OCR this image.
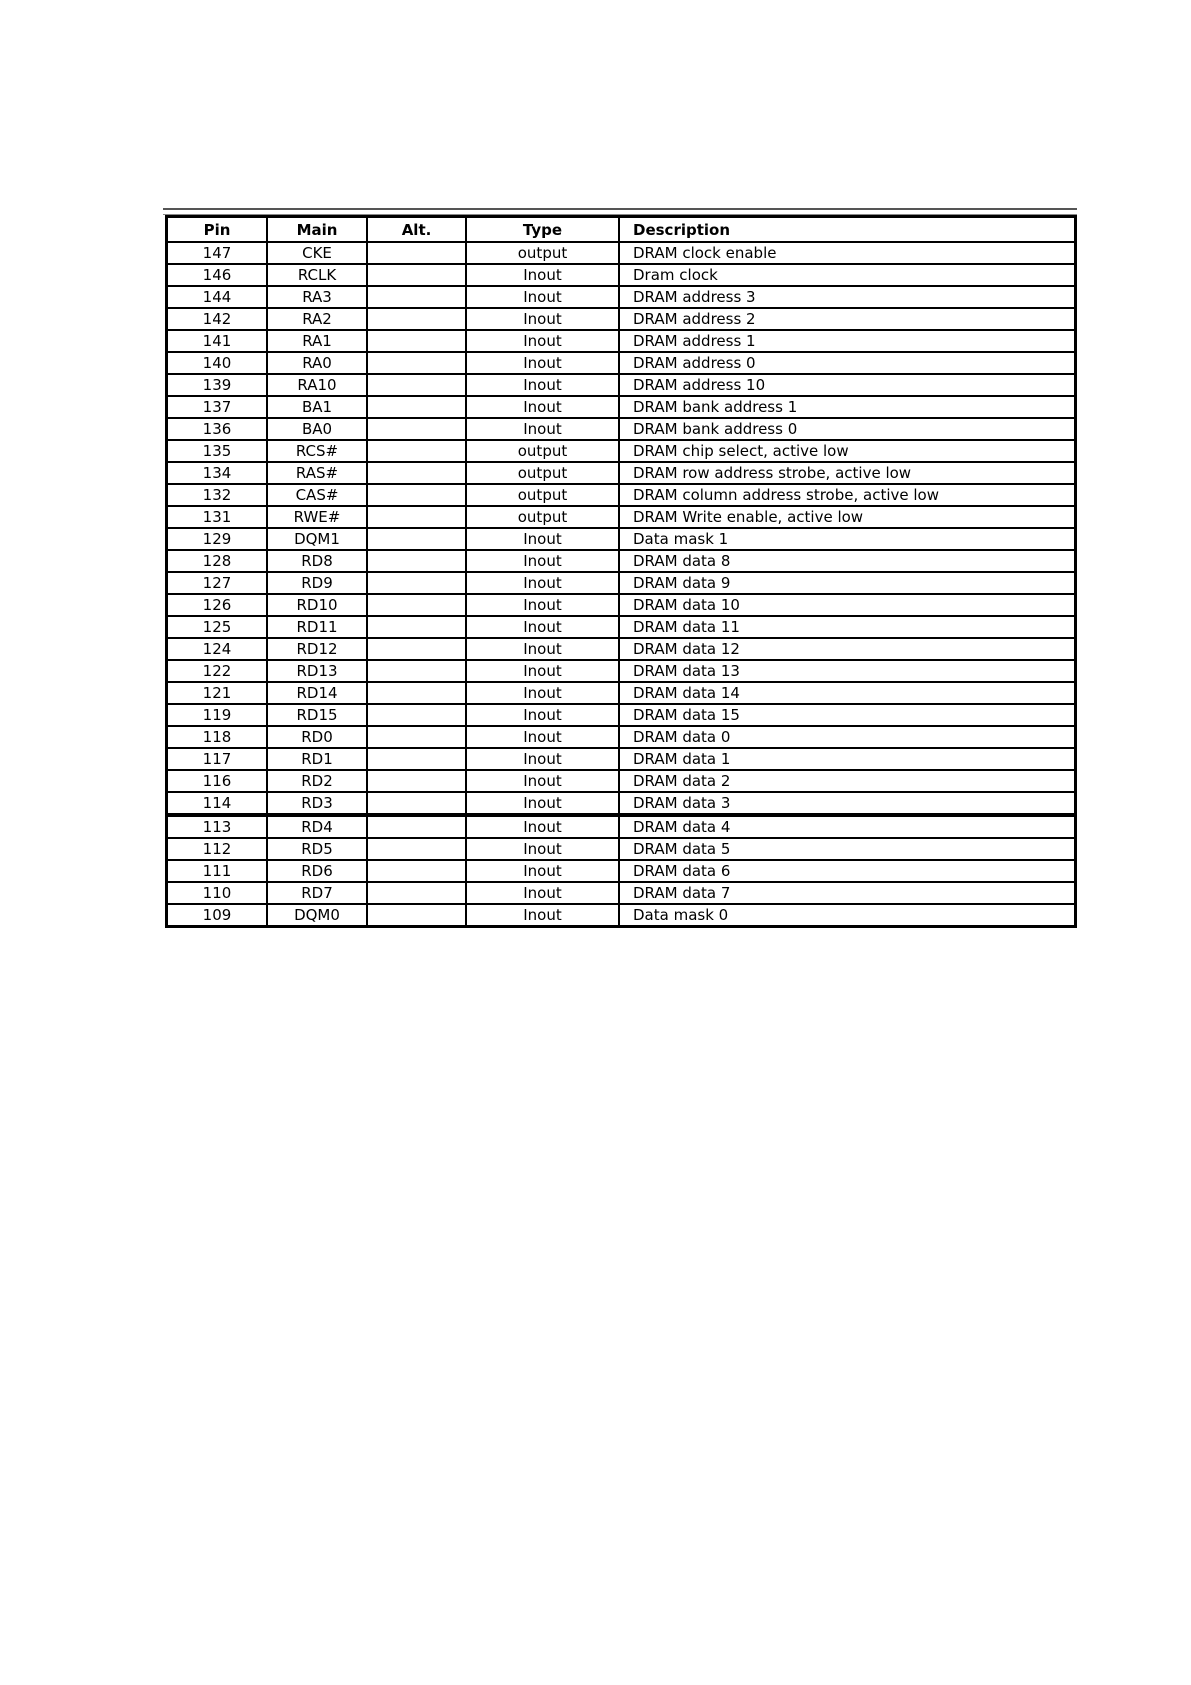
Pin	Main	Alt.	Type	Description
147	CKE		output	DRAM clock enable
146	RCLK		Inout	Dram clock
144	RA3		Inout	DRAM address 3
142	RA2		Inout	DRAM address 2
141	RA1		Inout	DRAM address 1
140	RA0		Inout	DRAM address 0
139	RA10		Inout	DRAM address 10
137	BA1		Inout	DRAM bank address 1
136	BA0		Inout	DRAM bank address 0
135	RCS#		output	DRAM chip select, active low
134	RAS#		output	DRAM row address strobe, active low
132	CAS#		output	DRAM column address strobe, active low
131	RWE#		output	DRAM Write enable, active low
129	DQM1		Inout	Data mask 1
128	RD8		Inout	DRAM data 8
127	RD9		Inout	DRAM data 9
126	RD10		Inout	DRAM data 10
125	RD11		Inout	DRAM data 11
124	RD12		Inout	DRAM data 12
122	RD13		Inout	DRAM data 13
121	RD14		Inout	DRAM data 14
119	RD15		Inout	DRAM data 15
118	RD0		Inout	DRAM data 0
117	RD1		Inout	DRAM data 1
116	RD2		Inout	DRAM data 2
114	RD3		Inout	DRAM data 3
113	RD4		Inout	DRAM data 4
112	RD5		Inout	DRAM data 5
111	RD6		Inout	DRAM data 6
110	RD7		Inout	DRAM data 7
109	DQM0		Inout	Data mask 0
